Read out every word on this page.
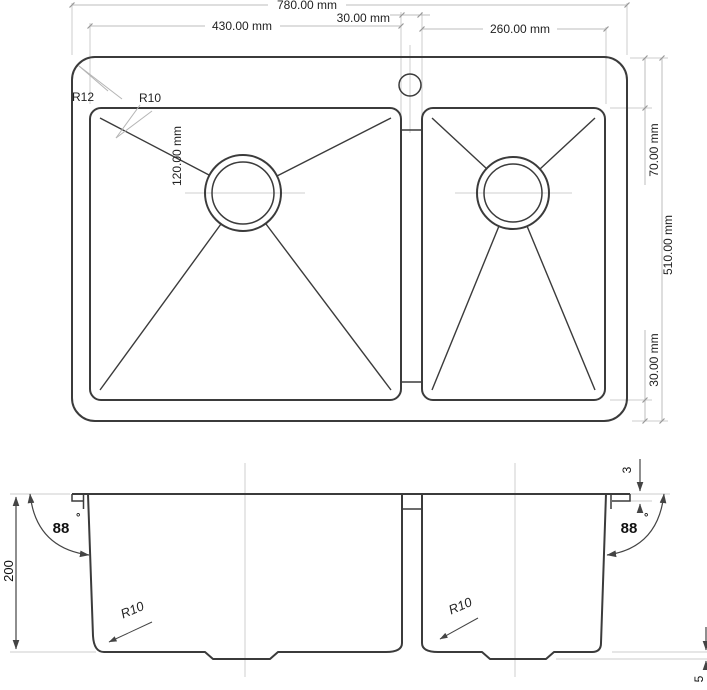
780.00 mm
430.00 mm
30.00 mm
260.00 mm
70.00 mm
510.00 mm
30.00 mm
120.00 mm
R12	R10
200
88
°
88
°
3
5
R10	R10
